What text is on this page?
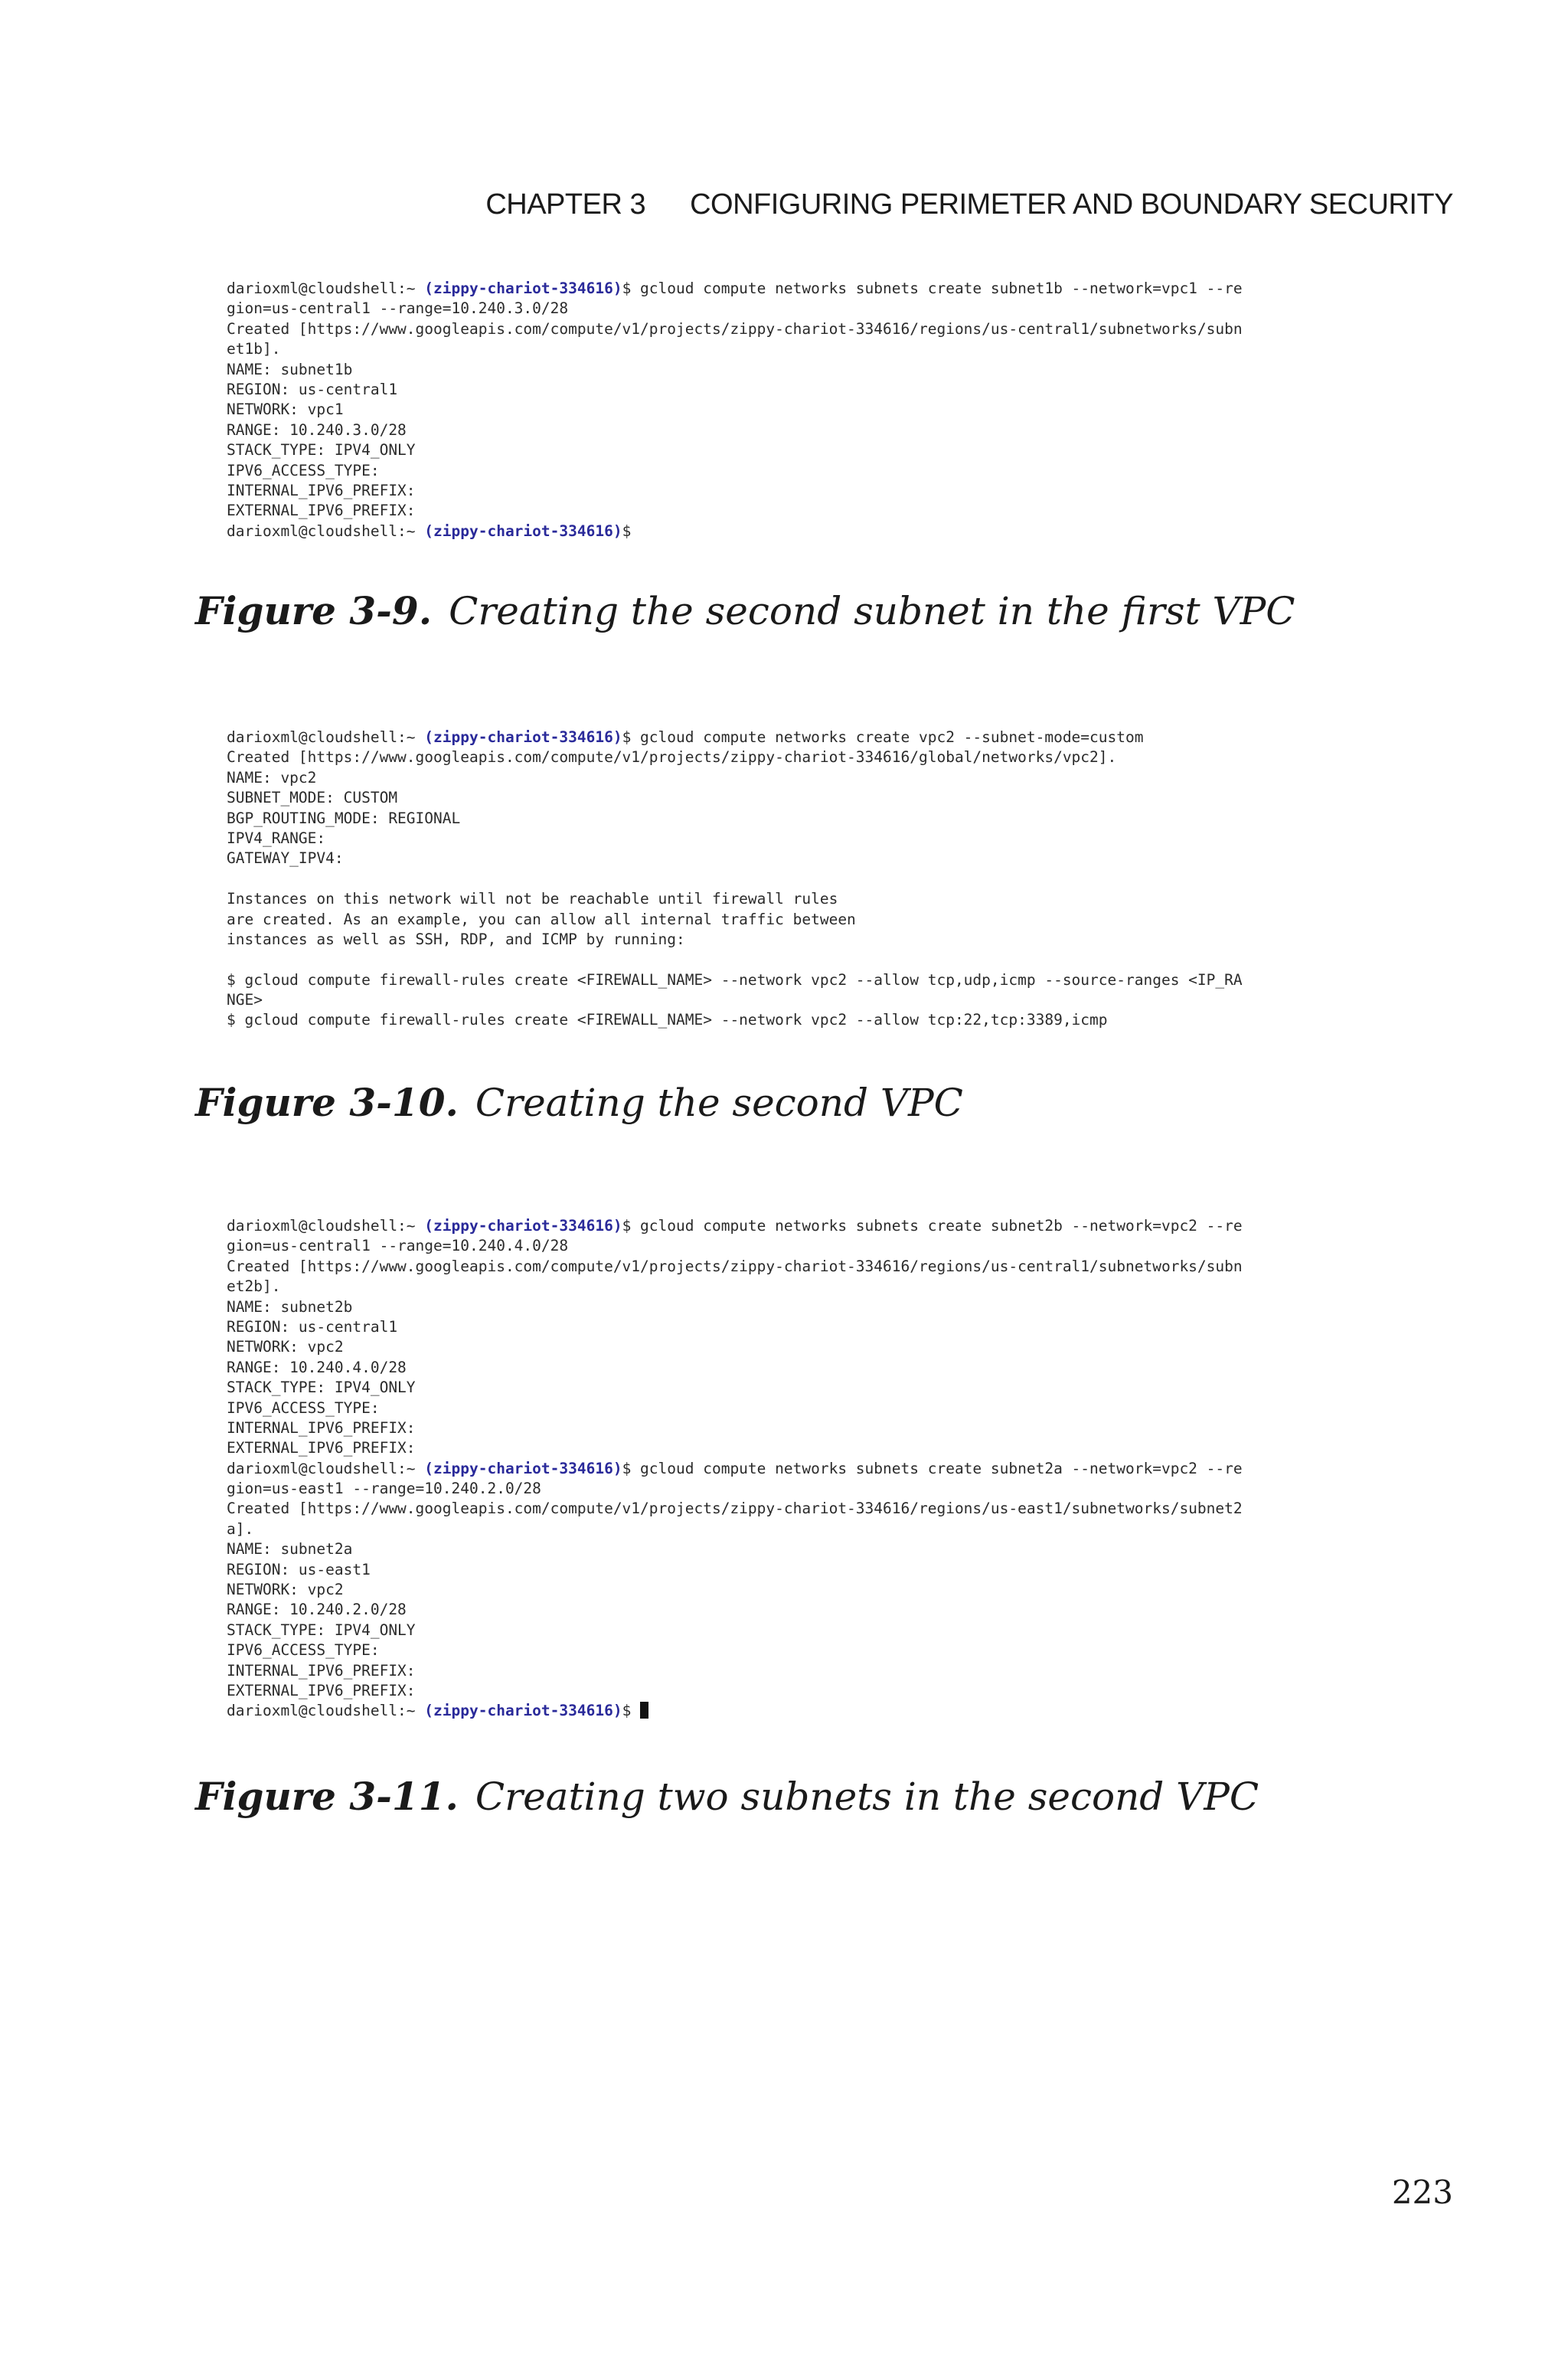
CHAPTER 3 CONFIGURING PERIMETER AND BOUNDARY SECURITY
darioxml@cloudshell:~ (zippy-chariot-334616)$ gcloud compute networks subnets create subnet1b --network=vpc1 --re
gion=us-central1 --range=10.240.3.0/28
Created [https://www.googleapis.com/compute/v1/projects/zippy-chariot-334616/regions/us-central1/subnetworks/subn
et1b].
NAME: subnet1b
REGION: us-central1
NETWORK: vpc1
RANGE: 10.240.3.0/28
STACK_TYPE: IPV4_ONLY
IPV6_ACCESS_TYPE:
INTERNAL_IPV6_PREFIX:
EXTERNAL_IPV6_PREFIX:
darioxml@cloudshell:~ (zippy-chariot-334616)$
Figure 3-9. Creating the second subnet in the first VPC
darioxml@cloudshell:~ (zippy-chariot-334616)$ gcloud compute networks create vpc2 --subnet-mode=custom
Created [https://www.googleapis.com/compute/v1/projects/zippy-chariot-334616/global/networks/vpc2].
NAME: vpc2
SUBNET_MODE: CUSTOM
BGP_ROUTING_MODE: REGIONAL
IPV4_RANGE:
GATEWAY_IPV4:
Instances on this network will not be reachable until firewall rules
are created. As an example, you can allow all internal traffic between
instances as well as SSH, RDP, and ICMP by running:
$ gcloud compute firewall-rules create <FIREWALL_NAME> --network vpc2 --allow tcp,udp,icmp --source-ranges <IP_RA
NGE>
$ gcloud compute firewall-rules create <FIREWALL_NAME> --network vpc2 --allow tcp:22,tcp:3389,icmp
Figure 3-10. Creating the second VPC
darioxml@cloudshell:~ (zippy-chariot-334616)$ gcloud compute networks subnets create subnet2b --network=vpc2 --re
gion=us-central1 --range=10.240.4.0/28
Created [https://www.googleapis.com/compute/v1/projects/zippy-chariot-334616/regions/us-central1/subnetworks/subn
et2b].
NAME: subnet2b
REGION: us-central1
NETWORK: vpc2
RANGE: 10.240.4.0/28
STACK_TYPE: IPV4_ONLY
IPV6_ACCESS_TYPE:
INTERNAL_IPV6_PREFIX:
EXTERNAL_IPV6_PREFIX:
darioxml@cloudshell:~ (zippy-chariot-334616)$ gcloud compute networks subnets create subnet2a --network=vpc2 --re
gion=us-east1 --range=10.240.2.0/28
Created [https://www.googleapis.com/compute/v1/projects/zippy-chariot-334616/regions/us-east1/subnetworks/subnet2
a].
NAME: subnet2a
REGION: us-east1
NETWORK: vpc2
RANGE: 10.240.2.0/28
STACK_TYPE: IPV4_ONLY
IPV6_ACCESS_TYPE:
INTERNAL_IPV6_PREFIX:
EXTERNAL_IPV6_PREFIX:
darioxml@cloudshell:~ (zippy-chariot-334616)$
Figure 3-11. Creating two subnets in the second VPC
223
